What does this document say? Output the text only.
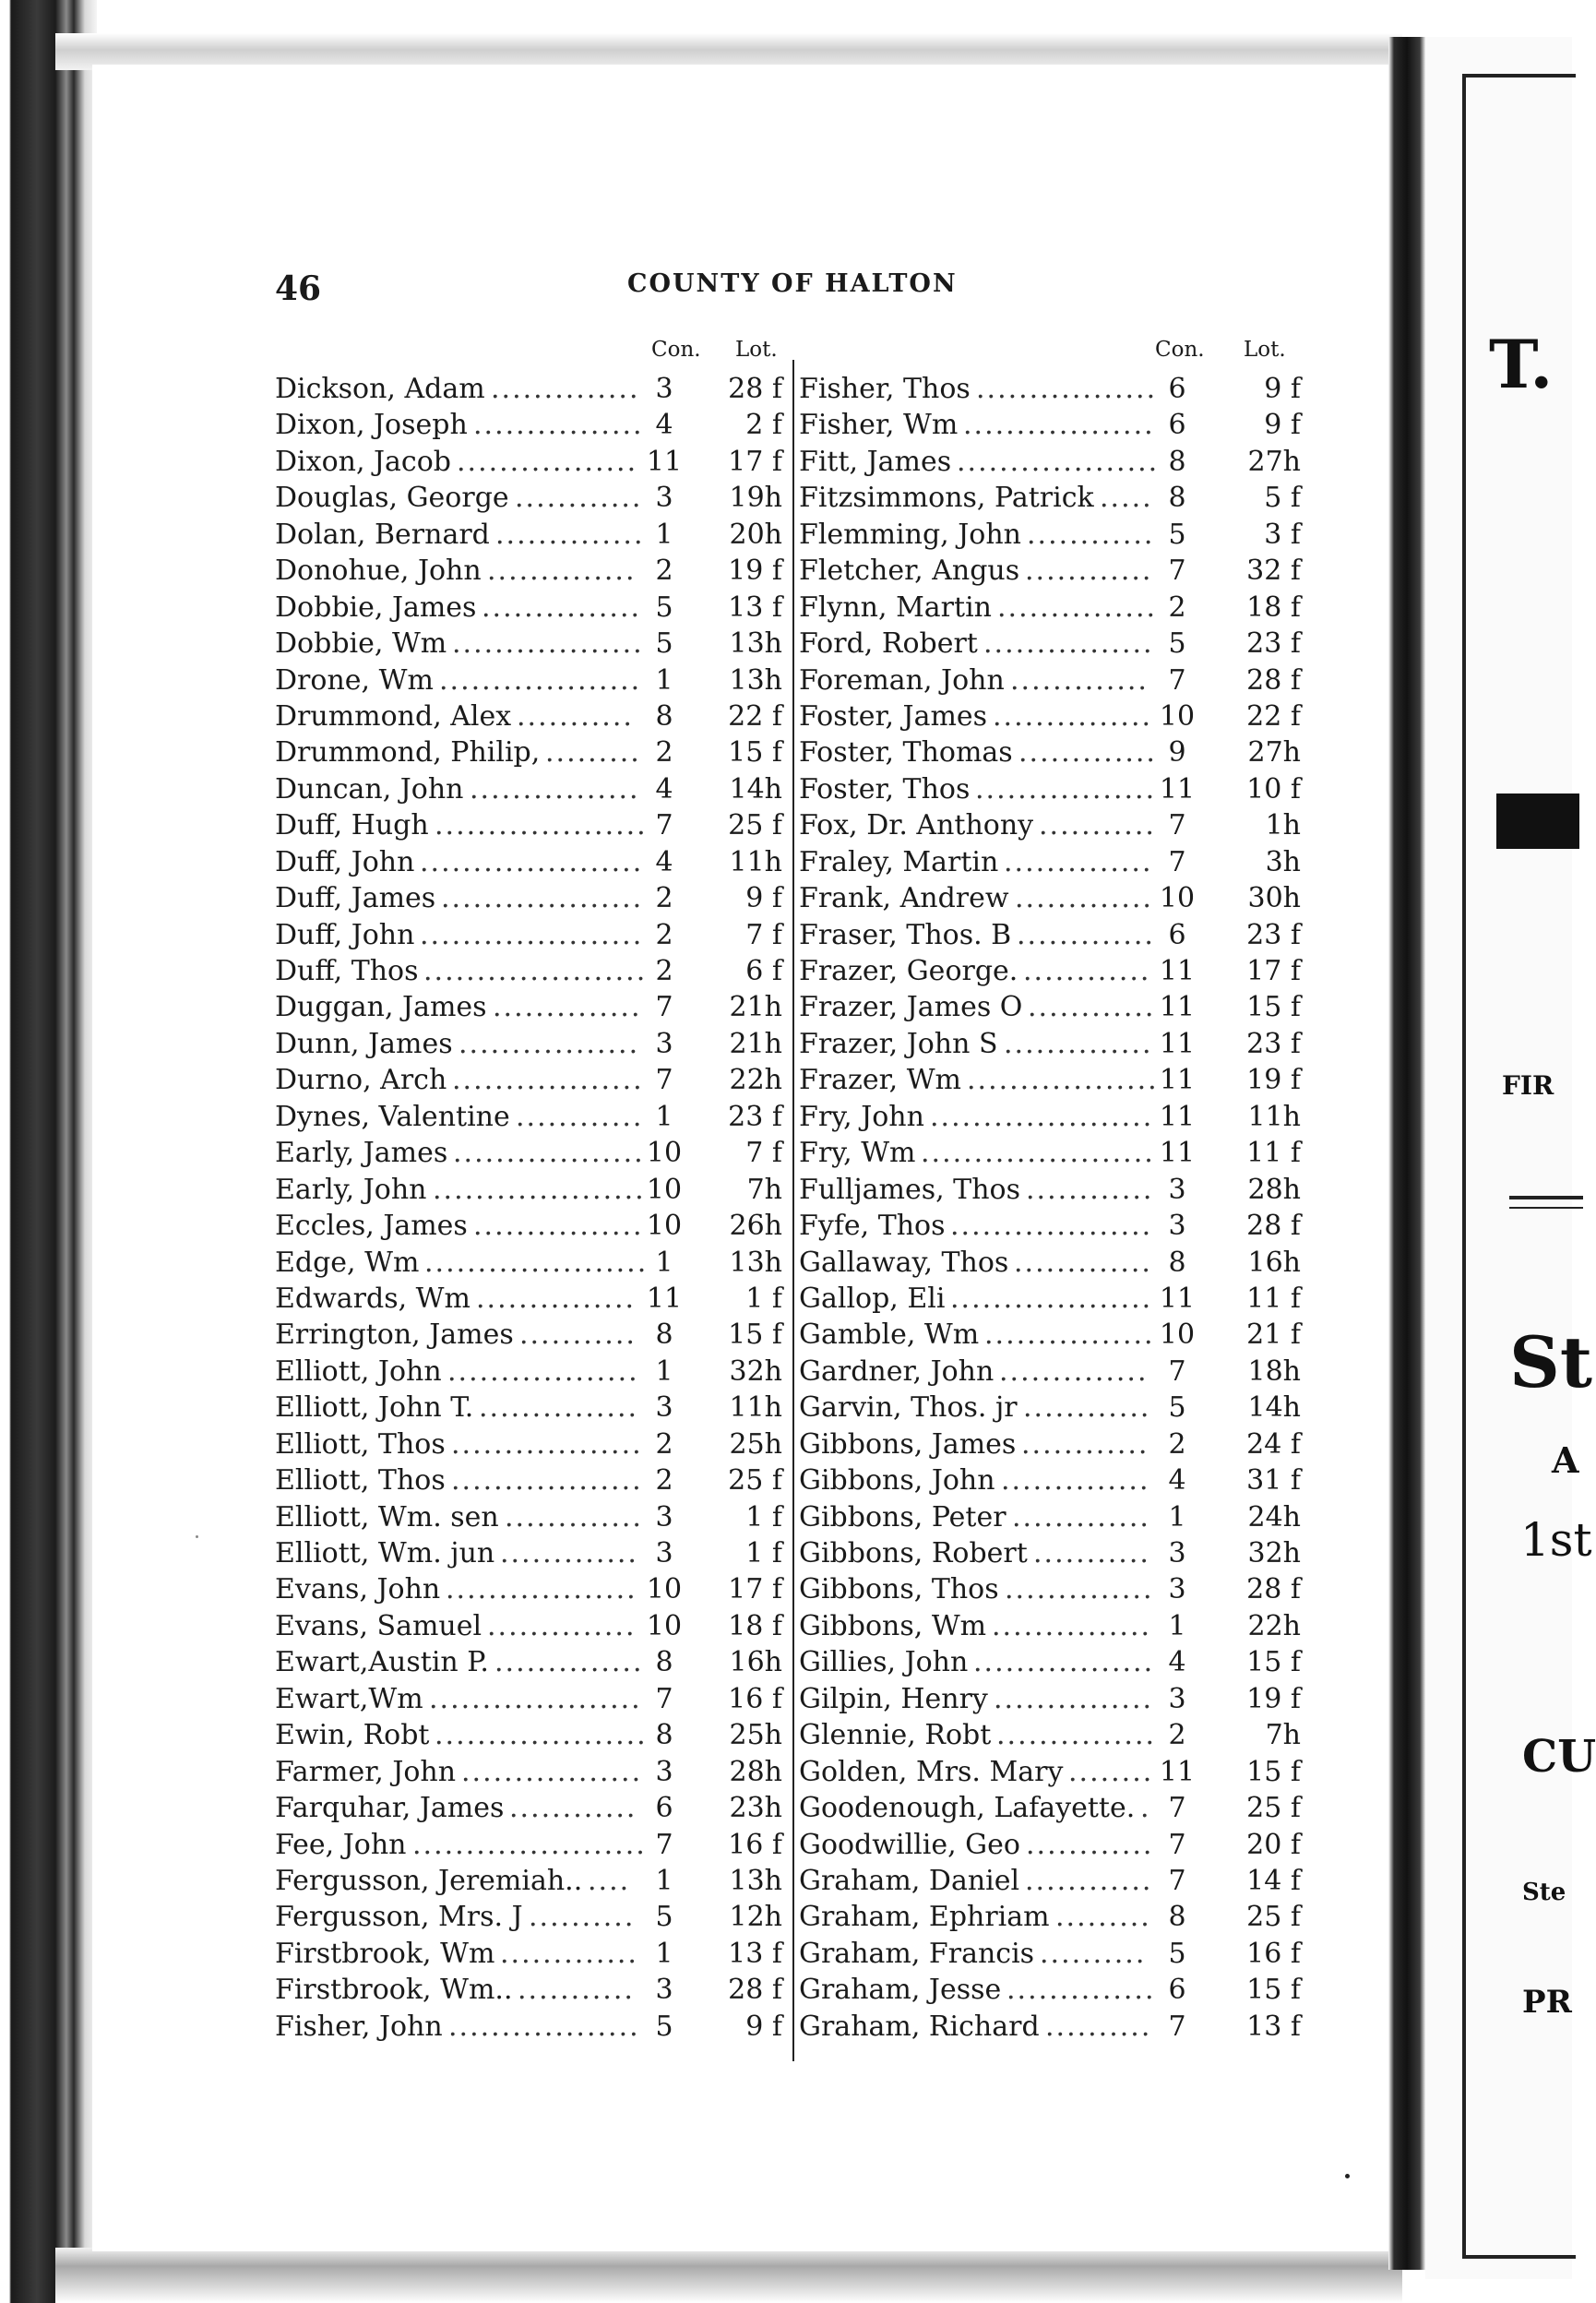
46	COUNTY OF HALTON
Con. Lot.	Con. Lot.
Dickson, Adam .............. 3	28 f
Dixon, Joseph ................ 4	2 f
Dixon, Jacob ................. 11	17 f
Douglas, George ............ 3	19h
Dolan, Bernard .............. 1	20h
Donohue, John .............. 2	19 f
Dobbie, James ............... 5	13 f
Dobbie, Wm .................. 5	13h
Drone, Wm ................... 1	13h
Drummond, Alex ........... 8	22 f
Drummond, Philip, ......... 2	15 f
Duncan, John ................ 4	14h
Duff, Hugh .................... 7	25 f
Duff, John ..................... 4	11h
Duff, James ................... 2	9 f
Duff, John ..................... 2	7 f
Duff, Thos ..................... 2	6 f
Duggan, James .............. 7	21h
Dunn, James ................. 3	21h
Durno, Arch .................. 7	22h
Dynes, Valentine ............ 1	23 f
Early, James .................. 10	7 f
Early, John .................... 10	7h
Eccles, James ................ 10	26h
Edge, Wm ..................... 1	13h
Edwards, Wm ............... 11	1 f
Errington, James ........... 8	15 f
Elliott, John .................. 1	32h
Elliott, John T. ............... 3	11h
Elliott, Thos .................. 2	25h
Elliott, Thos .................. 2	25 f
Elliott, Wm. sen ............. 3	1 f
Elliott, Wm. jun ............. 3	1 f
Evans, John .................. 10	17 f
Evans, Samuel .............. 10	18 f
Ewart,Austin P. .............. 8	16h
Ewart,Wm .................... 7	16 f
Ewin, Robt .................... 8	25h
Farmer, John ................. 3	28h
Farquhar, James ............ 6	23h
Fee, John ...................... 7	16 f
Fergusson, Jeremiah.. .... 1	13h
Fergusson, Mrs. J .......... 5	12h
Firstbrook, Wm ............. 1	13 f
Firstbrook, Wm.. ........... 3	28 f
Fisher, John .................. 5	9 f
Fisher, Thos ................. 6	9 f
Fisher, Wm .................. 6	9 f
Fitt, James ................... 8	27h
Fitzsimmons, Patrick ..... 8	5 f
Flemming, John ............ 5	3 f
Fletcher, Angus ............ 7	32 f
Flynn, Martin ............... 2	18 f
Ford, Robert ................ 5	23 f
Foreman, John ............. 7	28 f
Foster, James ............... 10	22 f
Foster, Thomas ............. 9	27h
Foster, Thos ................. 11	10 f
Fox, Dr. Anthony ........... 7	1h
Fraley, Martin .............. 7	3h
Frank, Andrew ............. 10	30h
Fraser, Thos. B ............. 6	23 f
Frazer, George. ............ 11	17 f
Frazer, James O ............ 11	15 f
Frazer, John S .............. 11	23 f
Frazer, Wm .................. 11	19 f
Fry, John ..................... 11	11h
Fry, Wm ...................... 11	11 f
Fulljames, Thos ............ 3	28h
Fyfe, Thos ................... 3	28 f
Gallaway, Thos ............. 8	16h
Gallop, Eli ................... 11	11 f
Gamble, Wm ................ 10	21 f
Gardner, John .............. 7	18h
Garvin, Thos. jr ............ 5	14h
Gibbons, James ............ 2	24 f
Gibbons, John .............. 4	31 f
Gibbons, Peter ............. 1	24h
Gibbons, Robert ........... 3	32h
Gibbons, Thos .............. 3	28 f
Gibbons, Wm ............... 1	22h
Gillies, John ................. 4	15 f
Gilpin, Henry ............... 3	19 f
Glennie, Robt ............... 2	7h
Golden, Mrs. Mary ........ 11	15 f
Goodenough, Lafayette. . 7	25 f
Goodwillie, Geo ............ 7	20 f
Graham, Daniel ............ 7	14 f
Graham, Ephriam ......... 8	25 f
Graham, Francis .......... 5	16 f
Graham, Jesse .............. 6	15 f
Graham, Richard .......... 7	13 f
T.
FIR
St
A
1st
CU
Ste
PR
